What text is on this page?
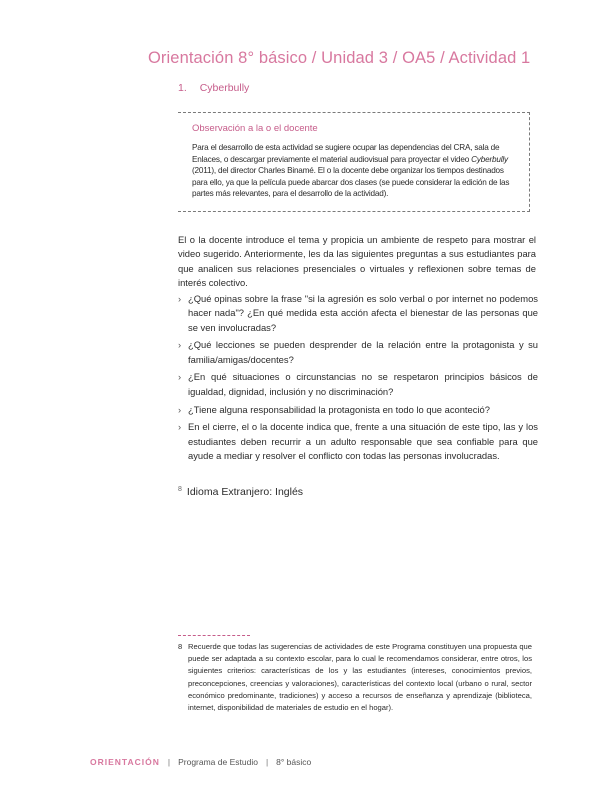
Orientación 8° básico / Unidad 3 / OA5 / Actividad 1
1. Cyberbully
Observación a la o el docente
Para el desarrollo de esta actividad se sugiere ocupar las dependencias del CRA, sala de Enlaces, o descargar previamente el material audiovisual para proyectar el video Cyberbully (2011), del director Charles Binamé. El o la docente debe organizar los tiempos destinados para ello, ya que la película puede abarcar dos clases (se puede considerar la edición de las partes más relevantes, para el desarrollo de la actividad).
El o la docente introduce el tema y propicia un ambiente de respeto para mostrar el video sugerido. Anteriormente, les da las siguientes preguntas a sus estudiantes para que analicen sus relaciones presenciales o virtuales y reflexionen sobre temas de interés colectivo.
› ¿Qué opinas sobre la frase "si la agresión es solo verbal o por internet no podemos hacer nada"? ¿En qué medida esta acción afecta el bienestar de las personas que se ven involucradas?
› ¿Qué lecciones se pueden desprender de la relación entre la protagonista y su familia/amigas/docentes?
› ¿En qué situaciones o circunstancias no se respetaron principios básicos de igualdad, dignidad, inclusión y no discriminación?
› ¿Tiene alguna responsabilidad la protagonista en todo lo que aconteció?
› En el cierre, el o la docente indica que, frente a una situación de este tipo, las y los estudiantes deben recurrir a un adulto responsable que sea confiable para que ayude a mediar y resolver el conflicto con todas las personas involucradas.
$^8$ Idioma Extranjero: Inglés
8 Recuerde que todas las sugerencias de actividades de este Programa constituyen una propuesta que puede ser adaptada a su contexto escolar, para lo cual le recomendamos considerar, entre otros, los siguientes criterios: características de los y las estudiantes (intereses, conocimientos previos, preconcepciones, creencias y valoraciones), características del contexto local (urbano o rural, sector económico predominante, tradiciones) y acceso a recursos de enseñanza y aprendizaje (biblioteca, internet, disponibilidad de materiales de estudio en el hogar).
ORIENTACIÓN | Programa de Estudio | 8° básico
